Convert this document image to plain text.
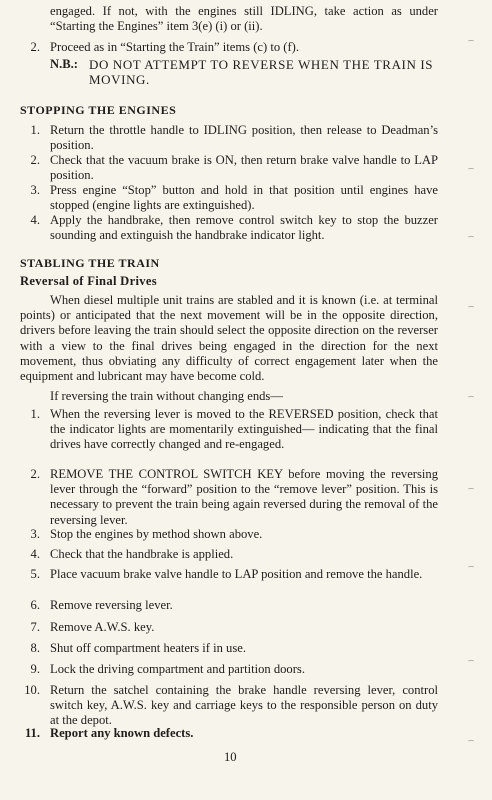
engaged. If not, with the engines still IDLING, take action as under “Starting the Engines” item 3(e) (i) or (ii).

2. Proceed as in “Starting the Train” items (c) to (f).

N.B.: DO NOT ATTEMPT TO REVERSE WHEN THE TRAIN IS MOVING.
STOPPING THE ENGINES
1. Return the throttle handle to IDLING position, then release to Deadman’s position.

2. Check that the vacuum brake is ON, then return brake valve handle to LAP position.

3. Press engine “Stop” button and hold in that position until engines have stopped (engine lights are extinguished).

4. Apply the handbrake, then remove control switch key to stop the buzzer sounding and extinguish the handbrake indicator light.

STABLING THE TRAIN
Reversal of Final Drives

When diesel multiple unit trains are stabled and it is known (i.e. at terminal points) or anticipated that the next movement will be in the opposite direction, drivers before leaving the train should select the opposite direction on the reverser with a view to the final drives being engaged in the direction for the next movement, thus obviating any difficulty of correct engagement later when the equipment and lubricant may have become cold.

If reversing the train without changing ends—

1. When the reversing lever is moved to the REVERSED position, check that the indicator lights are momentarily extinguished— indicating that the final drives have correctly changed and re-engaged.

2. REMOVE THE CONTROL SWITCH KEY before moving the reversing lever through the “forward” position to the “remove lever” position. This is necessary to prevent the train being again reversed during the removal of the reversing lever.

3. Stop the engines by method shown above.

4. Check that the handbrake is applied.

5. Place vacuum brake valve handle to LAP position and remove the handle.

6. Remove reversing lever.

7. Remove A.W.S. key.

8. Shut off compartment heaters if in use.

9. Lock the driving compartment and partition doors.

10. Return the satchel containing the brake handle reversing lever, control switch key, A.W.S. key and carriage keys to the responsible person on duty at the depot.

11. Report any known defects.

10
